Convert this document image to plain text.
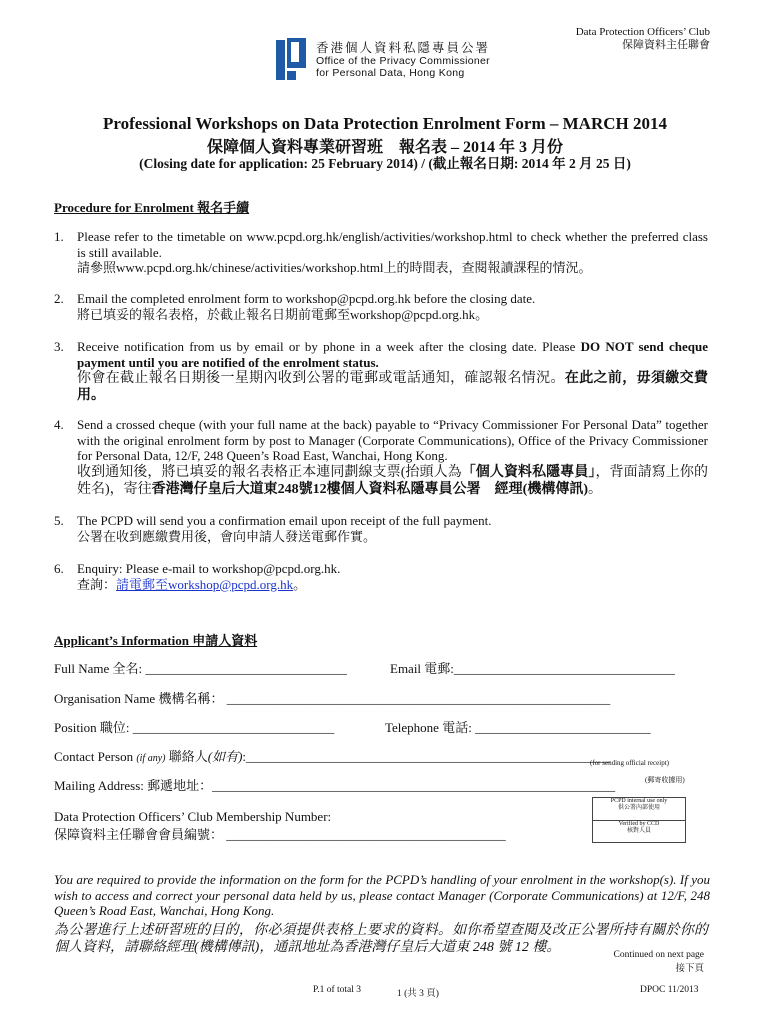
Data Protection Officers’ Club
保障資料主任聯會
香港個人資料私隱專員公署
Office of the Privacy Commissioner
for Personal Data, Hong Kong
Professional Workshops on Data Protection Enrolment Form – MARCH 2014
保障個人資料專業研習班　報名表 – 2014 年 3 月份
(Closing date for application: 25 February 2014) / (截止報名日期: 2014 年 2 月 25 日)
Procedure for Enrolment 報名手續
1. Please refer to the timetable on www.pcpd.org.hk/english/activities/workshop.html to check whether the preferred class is still available.
請參照www.pcpd.org.hk/chinese/activities/workshop.html上的時間表，查閱報讀課程的情況。
2. Email the completed enrolment form to workshop@pcpd.org.hk before the closing date.
將已填妥的報名表格，於截止報名日期前電郵至workshop@pcpd.org.hk。
3. Receive notification from us by email or by phone in a week after the closing date. Please DO NOT send cheque payment until you are notified of the enrolment status.
你會在截止報名日期後一星期內收到公署的電郵或電話通知，確認報名情況。在此之前，毋須繳交費用。
4. Send a crossed cheque (with your full name at the back) payable to “Privacy Commissioner For Personal Data” together with the original enrolment form by post to Manager (Corporate Communications), Office of the Privacy Commissioner for Personal Data, 12/F, 248 Queen’s Road East, Wanchai, Hong Kong.
收到通知後，將已填妥的報名表格正本連同劃線支票(抬頭人為「個人資料私隱專員」，背面請寫上你的姓名)，寄往香港灣仔皇后大道東248號12樓個人資料私隱專員公署　經理(機構傳訊)。
5. The PCPD will send you a confirmation email upon receipt of the full payment.
公署在收到應繳費用後，會向申請人發送電郵作實。
6. Enquiry: Please e-mail to workshop@pcpd.org.hk.
查詢：請電郵至workshop@pcpd.org.hk。
Applicant’s Information 申請人資料
Full Name 全名: _______________________________	Email 電郵:__________________________________
Organisation Name 機構名稱： ___________________________________________________________
Position 職位: _______________________________	Telephone 電話: ___________________________
Contact Person (if any) 聯絡人(如有):________________________________________________________
(for sending official receipt)
Mailing Address: 郵遞地址：______________________________________________________________	(郵寄收據用)
Data Protection Officers’ Club Membership Number:
保障資料主任聯會會員編號： ___________________________________________
PCPD internal use only
供公署內部使用
Verified by CCD
核對人員
You are required to provide the information on the form for the PCPD’s handling of your enrolment in the workshop(s). If you wish to access and correct your personal data held by us, please contact Manager (Corporate Communications) at 12/F, 248 Queen’s Road East, Wanchai, Hong Kong.
為公署進行上述研習班的目的，你必須提供表格上要求的資料。如你希望查閱及改正公署所持有關於你的個人資料，請聯絡經理(機構傳訊)，通訊地址為香港灣仔皇后大道東 248 號 12 樓。	Continued on next page
接下頁
P.1 of total 3	1 (共 3 頁)	DPOC 11/2013
